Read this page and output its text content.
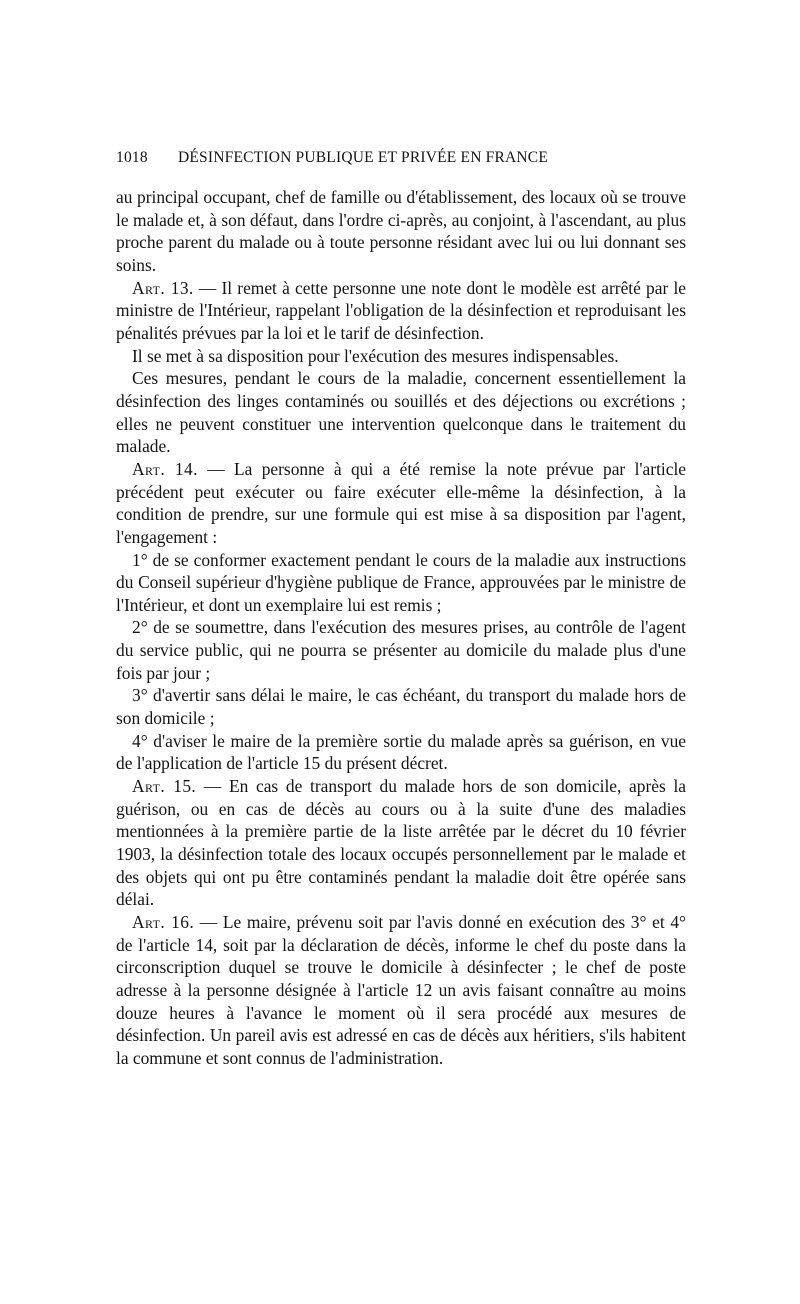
1018 DÉSINFECTION PUBLIQUE ET PRIVÉE EN FRANCE

au principal occupant, chef de famille ou d'établissement, des locaux où se trouve le malade et, à son défaut, dans l'ordre ci-après, au conjoint, à l'ascendant, au plus proche parent du malade ou à toute personne résidant avec lui ou lui donnant ses soins.

Art. 13. — Il remet à cette personne une note dont le modèle est arrêté par le ministre de l'Intérieur, rappelant l'obligation de la désinfection et reproduisant les pénalités prévues par la loi et le tarif de désinfection.

Il se met à sa disposition pour l'exécution des mesures indispensables.

Ces mesures, pendant le cours de la maladie, concernent essentiellement la désinfection des linges contaminés ou souillés et des déjections ou excrétions ; elles ne peuvent constituer une intervention quelconque dans le traitement du malade.

Art. 14. — La personne à qui a été remise la note prévue par l'article précédent peut exécuter ou faire exécuter elle-même la désinfection, à la condition de prendre, sur une formule qui est mise à sa disposition par l'agent, l'engagement :

1° de se conformer exactement pendant le cours de la maladie aux instructions du Conseil supérieur d'hygiène publique de France, approuvées par le ministre de l'Intérieur, et dont un exemplaire lui est remis ;

2° de se soumettre, dans l'exécution des mesures prises, au contrôle de l'agent du service public, qui ne pourra se présenter au domicile du malade plus d'une fois par jour ;

3° d'avertir sans délai le maire, le cas échéant, du transport du malade hors de son domicile ;

4° d'aviser le maire de la première sortie du malade après sa guérison, en vue de l'application de l'article 15 du présent décret.

Art. 15. — En cas de transport du malade hors de son domicile, après la guérison, ou en cas de décès au cours ou à la suite d'une des maladies mentionnées à la première partie de la liste arrêtée par le décret du 10 février 1903, la désinfection totale des locaux occupés personnellement par le malade et des objets qui ont pu être contaminés pendant la maladie doit être opérée sans délai.

Art. 16. — Le maire, prévenu soit par l'avis donné en exécution des 3° et 4° de l'article 14, soit par la déclaration de décès, informe le chef du poste dans la circonscription duquel se trouve le domicile à désinfecter ; le chef de poste adresse à la personne désignée à l'article 12 un avis faisant connaître au moins douze heures à l'avance le moment où il sera procédé aux mesures de désinfection. Un pareil avis est adressé en cas de décès aux héritiers, s'ils habitent la commune et sont connus de l'administration.
